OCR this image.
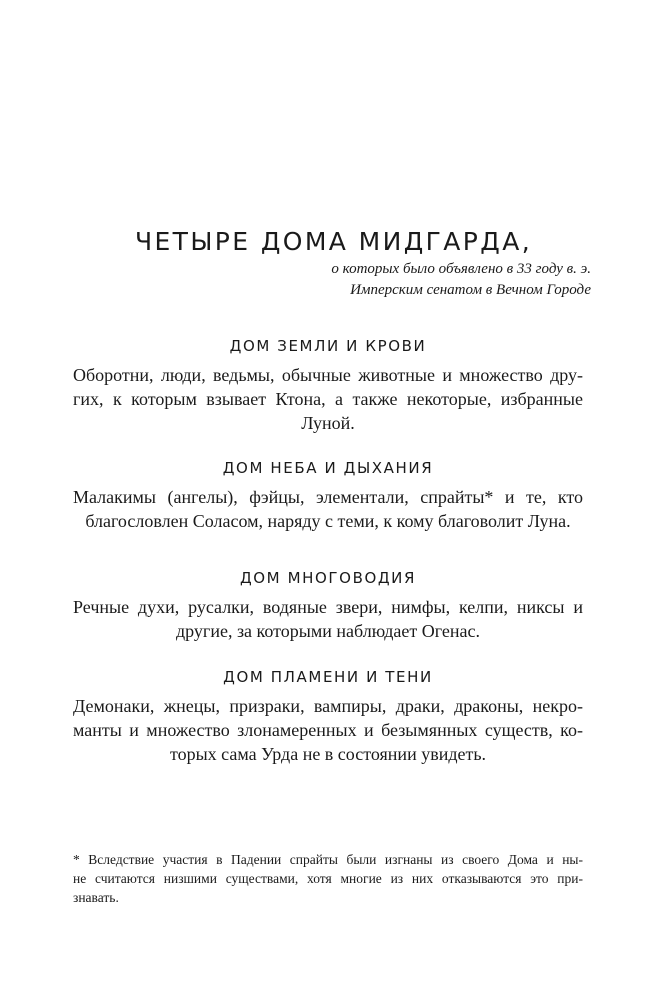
ЧЕТЫРЕ ДОМА МИДГАРДА,

о которых было объявлено в 33 году в. э.

Имперским сенатом в Вечном Городе

ДОМ ЗЕМЛИ И КРОВИ

Оборотни, люди, ведьмы, обычные животные и множество других, к которым взывает Ктона, а также некоторые, избранные Луной.

ДОМ НЕБА И ДЫХАНИЯ

Малакимы (ангелы), фэйцы, элементали, спрайты* и те, кто благословлен Соласом, наряду с теми, к кому благоволит Луна.

ДОМ МНОГОВОДИЯ

Речные духи, русалки, водяные звери, нимфы, келпи, никсы и другие, за которыми наблюдает Огенас.

ДОМ ПЛАМЕНИ И ТЕНИ

Демонаки, жнецы, призраки, вампиры, драки, драконы, некроманты и множество злонамеренных и безымянных существ, которых сама Урда не в состоянии увидеть.

* Вследствие участия в Падении спрайты были изгнаны из своего Дома и ны-
не считаются низшими существами, хотя многие из них отказываются это при-
знавать.
